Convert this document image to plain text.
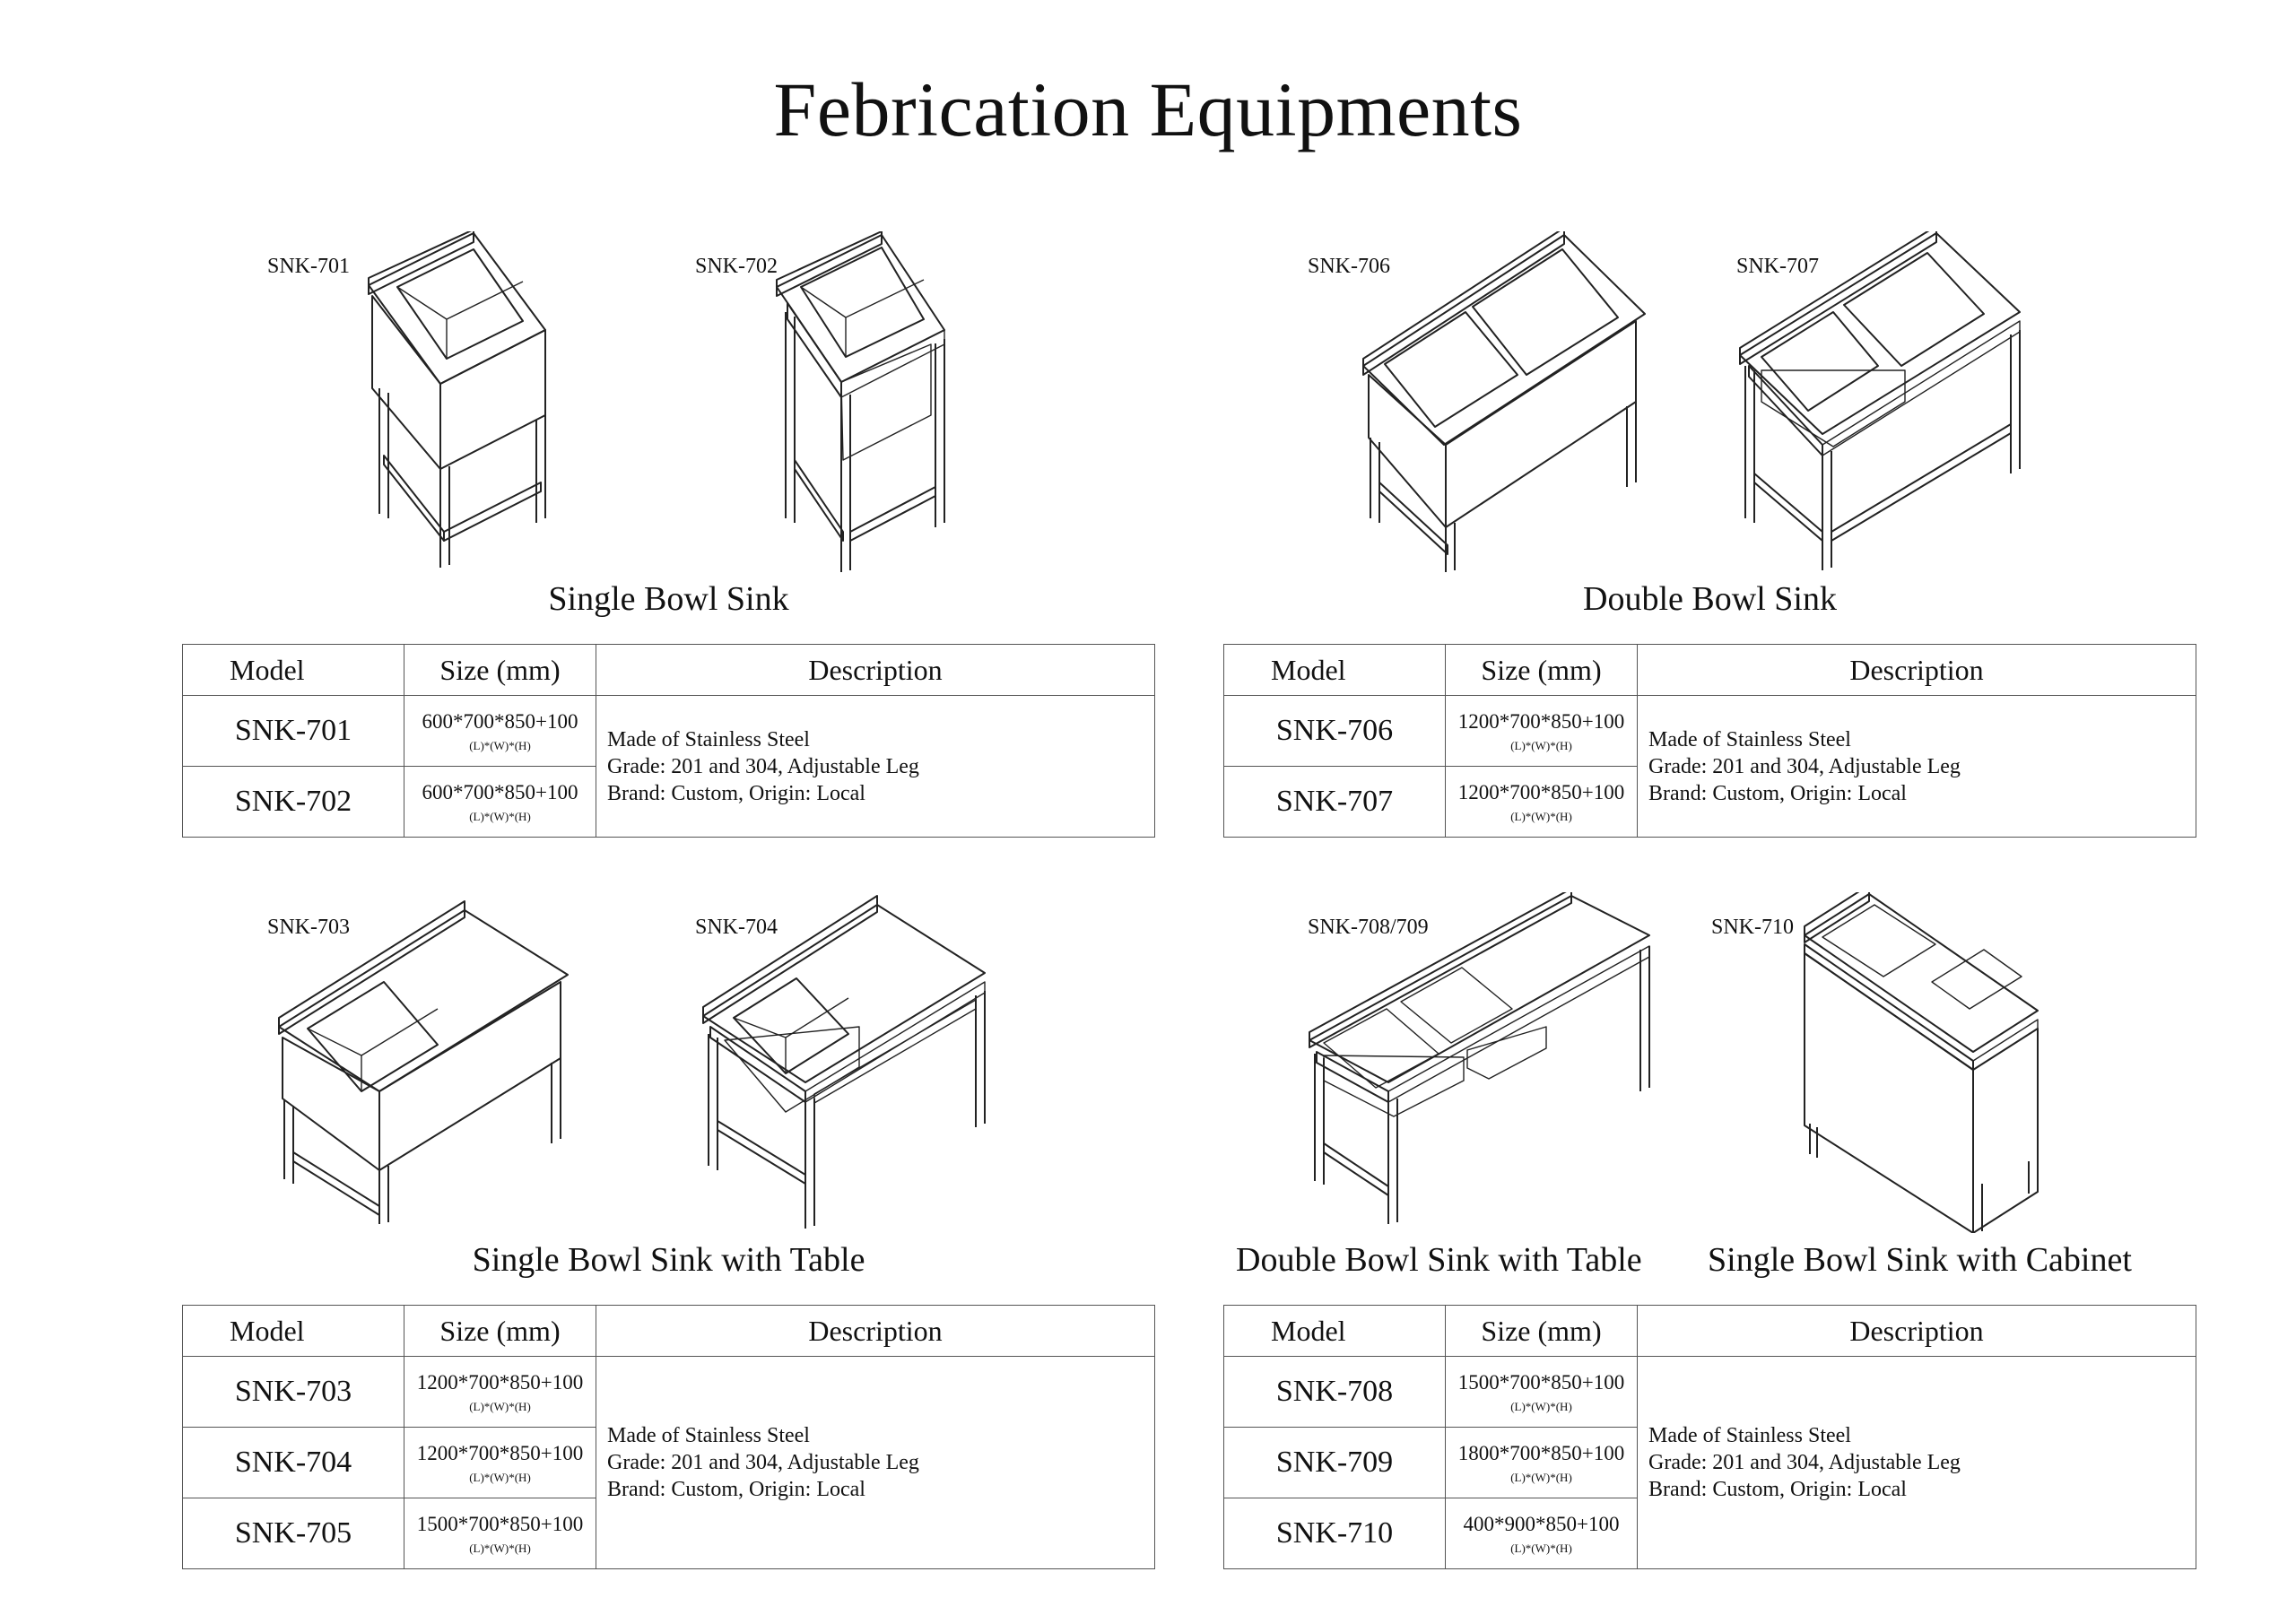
Febrication Equipments
SNK-701	SNK-702
Single Bowl Sink
Model	Size (mm)	Description
SNK-701	600*700*850+100
(L)*(W)*(H)	Made of Stainless Steel
Grade: 201 and 304, Adjustable Leg
Brand: Custom, Origin: Local

SNK-702	600*700*850+100
(L)*(W)*(H)	
SNK-706	SNK-707
Double Bowl Sink
Model	Size (mm)	Description
SNK-706	1200*700*850+100
(L)*(W)*(H)	Made of Stainless Steel
Grade: 201 and 304, Adjustable Leg
Brand: Custom, Origin: Local

SNK-707	1200*700*850+100
(L)*(W)*(H)	
SNK-703	SNK-704
Single Bowl Sink with Table
Model	Size (mm)	Description
SNK-703	1200*700*850+100
(L)*(W)*(H)	Made of Stainless Steel
Grade: 201 and 304, Adjustable Leg
Brand: Custom, Origin: Local

SNK-704	1200*700*850+100
(L)*(W)*(H)	

SNK-705	1500*700*850+100
(L)*(W)*(H)	
SNK-708/709	SNK-710
Double Bowl Sink with Table Single Bowl Sink with Cabinet
Model	Size (mm)	Description
SNK-708	1500*700*850+100
(L)*(W)*(H)	Made of Stainless Steel
Grade: 201 and 304, Adjustable Leg
Brand: Custom, Origin: Local

SNK-709	1800*700*850+100
(L)*(W)*(H)	

SNK-710	400*900*850+100
(L)*(W)*(H)	
